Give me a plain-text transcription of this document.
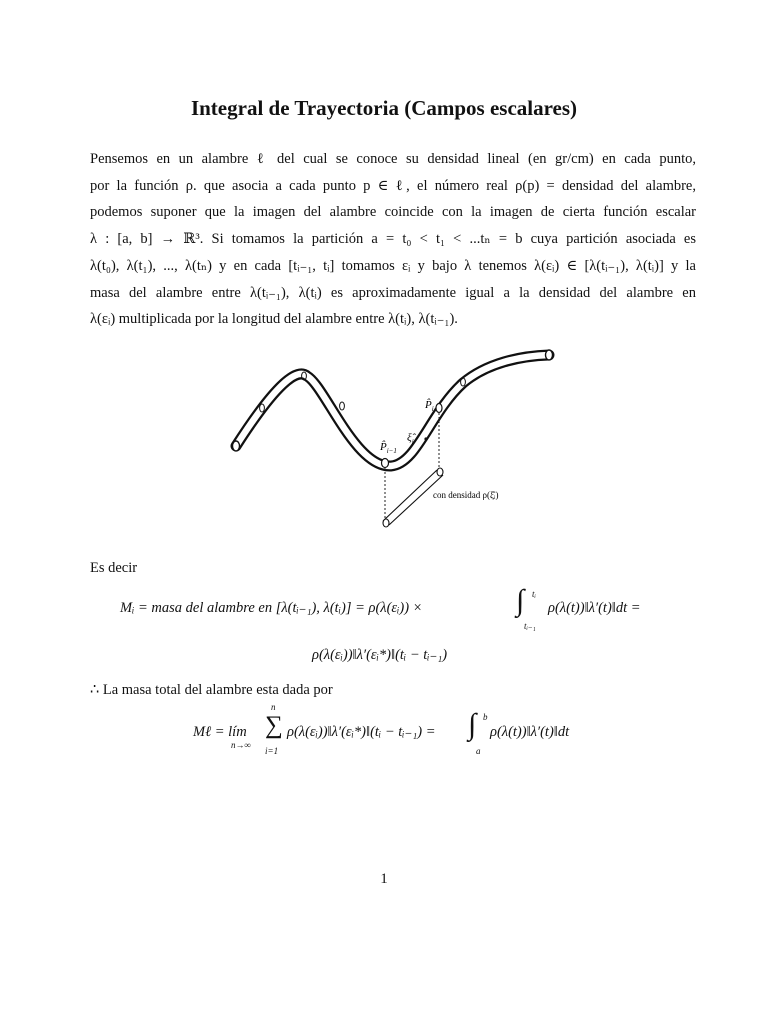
Integral de Trayectoria (Campos escalares)
Pensemos en un alambre ℓ del cual se conoce su densidad lineal (en gr/cm) en cada punto,
por la función ρ. que asocia a cada punto p ∈ ℓ, el número real ρ(p) = densidad del alambre,
podemos suponer que la imagen del alambre coincide con la imagen de cierta función escalar
λ : [a, b] → ℝ³. Si tomamos la partición a = t₀ < t₁ < ...tₙ = b cuya partición asociada es
λ(t₀), λ(t₁), ..., λ(tₙ) y en cada [tᵢ₋₁, tᵢ] tomamos εᵢ y bajo λ tenemos λ(εᵢ) ∈ [λ(tᵢ₋₁), λ(tᵢ)] y la
masa del alambre entre λ(tᵢ₋₁), λ(tᵢ) es aproximadamente igual a la densidad del alambre en
λ(εᵢ) multiplicada por la longitud del alambre entre λ(tᵢ), λ(tᵢ₋₁).
$P̂_i$
$P̂_{i-1}$
$\xî_i$
con densidad ρ(ξ̂ᵢ)
Es decir
Mᵢ = masa del alambre en [λ(tᵢ₋₁), λ(tᵢ)] = ρ(λ(εᵢ)) ×	∫ tᵢ
tᵢ₋₁
ρ(λ(t))‖λ′(t)‖dt =
ρ(λ(εᵢ))‖λ′(εᵢ*)‖(tᵢ − tᵢ₋₁)
∴ La masa total del alambre esta dada por
Mℓ = lím
n→∞
∑
n
i=1
ρ(λ(εᵢ))‖λ′(εᵢ*)‖(tᵢ − tᵢ₋₁) = ∫ b
a
ρ(λ(t))‖λ′(t)‖dt
1
